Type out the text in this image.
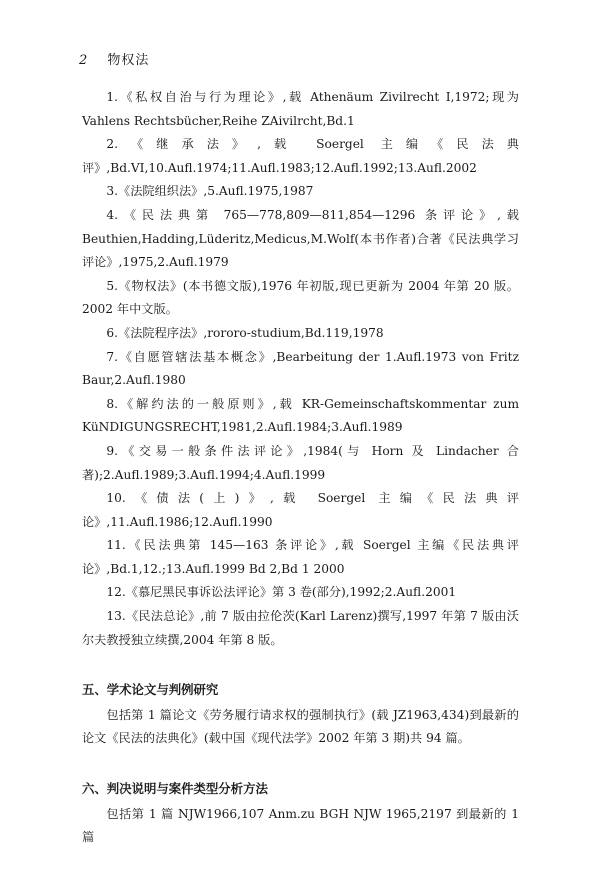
2 物权法

1.《私权自治与行为理论》,载 Athenäum Zivilrecht I,1972;现为 Vahlens Rechtsbücher,Reihe ZAivilrcht,Bd.1

2.《继承法》,载 Soergel 主编《民法典评》,Bd.VI,10.Aufl.1974;11.Aufl.1983;12.Aufl.1992;13.Aufl.2002

3.《法院组织法》,5.Aufl.1975,1987

4.《民法典第 765—778,809—811,854—1296 条评论》,载 Beuthien,Hadding,Lüderitz,Medicus,M.Wolf(本书作者)合著《民法典学习评论》,1975,2.Aufl.1979

5.《物权法》(本书德文版),1976 年初版,现已更新为 2004 年第 20 版。2002 年中文版。

6.《法院程序法》,rororo-studium,Bd.119,1978

7.《自愿管辖法基本概念》,Bearbeitung der 1.Aufl.1973 von Fritz Baur,2.Aufl.1980

8.《解约法的一般原则》,载 KR-Gemeinschaftskommentar zum KüNDIGUNGSRECHT,1981,2.Aufl.1984;3.Aufl.1989

9.《交易一般条件法评论》,1984(与 Horn 及 Lindacher 合著);2.Aufl.1989;3.Aufl.1994;4.Aufl.1999

10.《债法(上)》,载 Soergel 主编《民法典评论》,11.Aufl.1986;12.Aufl.1990

11.《民法典第 145—163 条评论》,载 Soergel 主编《民法典评论》,Bd.1,12.;13.Aufl.1999 Bd 2,Bd 1 2000

12.《慕尼黑民事诉讼法评论》第 3 卷(部分),1992;2.Aufl.2001

13.《民法总论》,前 7 版由拉伦茨(Karl Larenz)撰写,1997 年第 7 版由沃尔夫教授独立续撰,2004 年第 8 版。

五、学术论文与判例研究

包括第 1 篇论文《劳务履行请求权的强制执行》(载 JZ1963,434)到最新的论文《民法的法典化》(载中国《现代法学》2002 年第 3 期)共 94 篇。

六、判决说明与案件类型分析方法

包括第 1 篇 NJW1966,107 Anm.zu BGH NJW 1965,2197 到最新的 1 篇
